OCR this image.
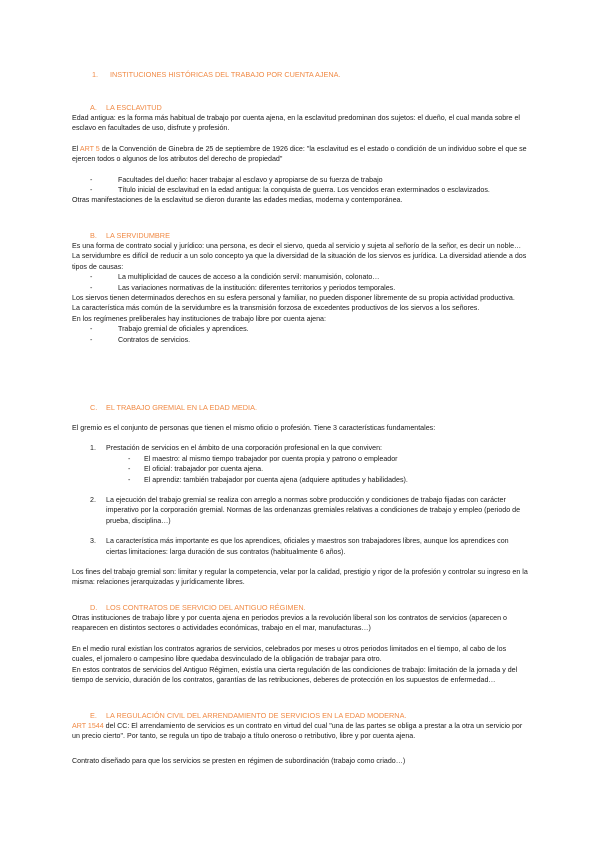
1. INSTITUCIONES HISTÓRICAS DEL TRABAJO POR CUENTA AJENA.
A. LA ESCLAVITUD

Edad antigua: es la forma más habitual de trabajo por cuenta ajena, en la esclavitud predominan dos sujetos: el dueño, el cual manda sobre el esclavo en facultades de uso, disfrute y profesión.

El ART 5 de la Convención de Ginebra de 25 de septiembre de 1926 dice: "la esclavitud es el estado o condición de un individuo sobre el que se ejercen todos o algunos de los atributos del derecho de propiedad"

- Facultades del dueño: hacer trabajar al esclavo y apropiarse de su fuerza de trabajo
- Título inicial de esclavitud en la edad antigua: la conquista de guerra. Los vencidos eran exterminados o esclavizados.

Otras manifestaciones de la esclavitud se dieron durante las edades medias, moderna y contemporánea.

B. LA SERVIDUMBRE

Es una forma de contrato social y jurídico: una persona, es decir el siervo, queda al servicio y sujeta al señorío de la señor, es decir un noble…

La servidumbre es difícil de reducir a un solo concepto ya que la diversidad de la situación de los siervos es jurídica. La diversidad atiende a dos tipos de causas:

- La multiplicidad de cauces de acceso a la condición servil: manumisión, colonato…
- Las variaciones normativas de la institución: diferentes territorios y periodos temporales.

Los siervos tienen determinados derechos en su esfera personal y familiar, no pueden disponer libremente de su propia actividad productiva.

La característica más común de la servidumbre es la transmisión forzosa de excedentes productivos de los siervos a los señores.

En los regímenes preliberales hay instituciones de trabajo libre por cuenta ajena:

- Trabajo gremial de oficiales y aprendices.
- Contratos de servicios.
C. EL TRABAJO GREMIAL EN LA EDAD MEDIA.

El gremio es el conjunto de personas que tienen el mismo oficio o profesión. Tiene 3 características fundamentales:

1. Prestación de servicios en el ámbito de una corporación profesional en la que conviven:
- El maestro: al mismo tiempo trabajador por cuenta propia y patrono o empleador
- El oficial: trabajador por cuenta ajena.
- El aprendiz: también trabajador por cuenta ajena (adquiere aptitudes y habilidades).
2. La ejecución del trabajo gremial se realiza con arreglo a normas sobre producción y condiciones de trabajo fijadas con carácter imperativo por la corporación gremial. Normas de las ordenanzas gremiales relativas a condiciones de trabajo y empleo (periodo de prueba, disciplina…)
3. La característica más importante es que los aprendices, oficiales y maestros son trabajadores libres, aunque los aprendices con ciertas limitaciones: larga duración de sus contratos (habitualmente 6 años).

Los fines del trabajo gremial son: limitar y regular la competencia, velar por la calidad, prestigio y rigor de la profesión y controlar su ingreso en la misma: relaciones jerarquizadas y jurídicamente libres.

D. LOS CONTRATOS DE SERVICIO DEL ANTIGUO RÉGIMEN.

Otras instituciones de trabajo libre y por cuenta ajena en periodos previos a la revolución liberal son los contratos de servicios (aparecen o reaparecen en distintos sectores o actividades económicas, trabajo en el mar, manufacturas…)

En el medio rural existían los contratos agrarios de servicios, celebrados por meses u otros periodos limitados en el tiempo, al cabo de los cuales, el jornalero o campesino libre quedaba desvinculado de la obligación de trabajar para otro.

En estos contratos de servicios del Antiguo Régimen, existía una cierta regulación de las condiciones de trabajo: limitación de la jornada y del tiempo de servicio, duración de los contratos, garantías de las retribuciones, deberes de protección en los supuestos de enfermedad…

E. LA REGULACIÓN CIVIL DEL ARRENDAMIENTO DE SERVICIOS EN LA EDAD MODERNA.

ART 1544 del CC: El arrendamiento de servicios es un contrato en virtud del cual "una de las partes se obliga a prestar a la otra un servicio por un precio cierto". Por tanto, se regula un tipo de trabajo a título oneroso o retributivo, libre y por cuenta ajena.

Contrato diseñado para que los servicios se presten en régimen de subordinación (trabajo como criado…)
